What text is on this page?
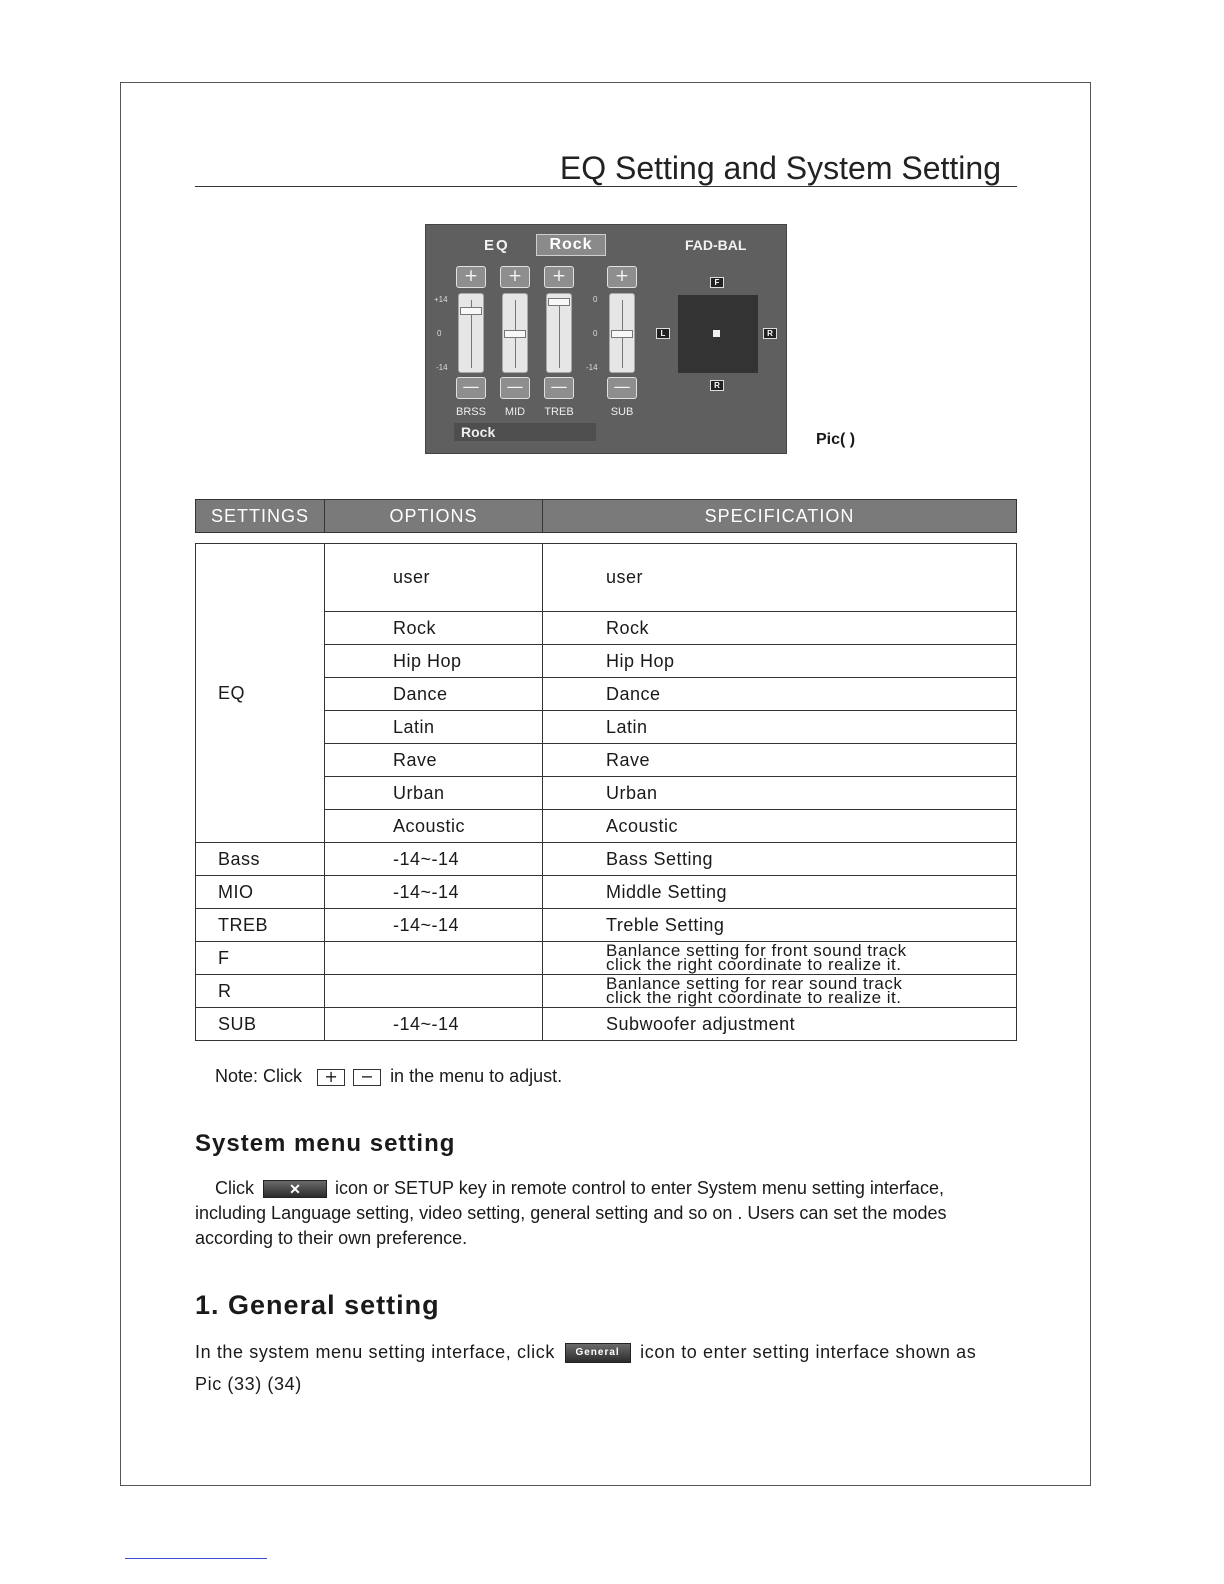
EQ Setting and System Setting
EQ	Rock	FAD-BAL
+	+	+	+
+14
0
-14
0
0
-14
—	—	—	—
BRSS	MID	TREB	SUB
Rock
F
L	R
R
Pic( )
SETTINGS	OPTIONS	SPECIFICATION
EQ	user	user
	Rock	Rock
	Hip Hop	Hip Hop
	Dance	Dance
	Latin	Latin
	Rave	Rave
	Urban	Urban
	Acoustic	Acoustic
Bass	-14~-14	Bass Setting
MIO	-14~-14	Middle Setting
TREB	-14~-14	Treble Setting
F		Banlance setting for front sound track
click the right coordinate to realize it.

R		Banlance setting for rear sound track
click the right coordinate to realize it.

SUB	-14~-14	Subwoofer adjustment
Note: Click + − in the menu to adjust.
System menu setting
Click	✕ icon or SETUP key in remote control to enter System menu setting interface,
including Language setting, video setting, general setting and so on . Users can set the modes
according to their own preference.
1. General setting
In the system menu setting interface, click General icon to enter setting interface shown as
Pic (33) (34)
